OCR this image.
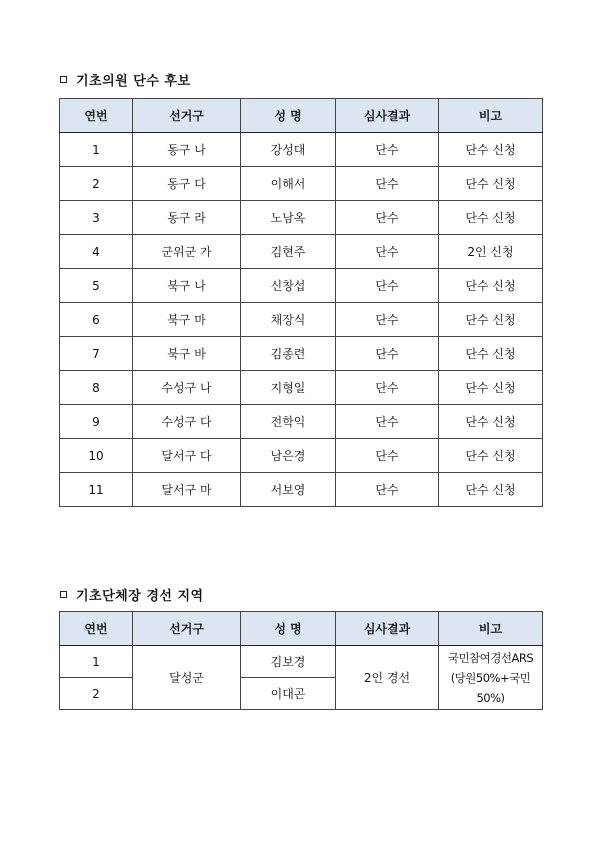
기초의원 단수 후보
연번	선거구	성 명	심사결과	비고
1	동구 나	강성대	단수	단수 신청
2	동구 다	이해서	단수	단수 신청
3	동구 라	노남옥	단수	단수 신청
4	군위군 가	김현주	단수	2인 신청
5	북구 나	신창섭	단수	단수 신청
6	북구 마	채장식	단수	단수 신청
7	북구 바	김종련	단수	단수 신청
8	수성구 나	지형일	단수	단수 신청
9	수성구 다	전학익	단수	단수 신청
10	달서구 다	남은경	단수	단수 신청
11	달서구 마	서보영	단수	단수 신청
기초단체장 경선 지역
연번	선거구	성 명	심사결과	비고
1	달성군	김보경	2인 경선	국민참여경선ARS
(당원50%+국민50%)

2		이대곤		
